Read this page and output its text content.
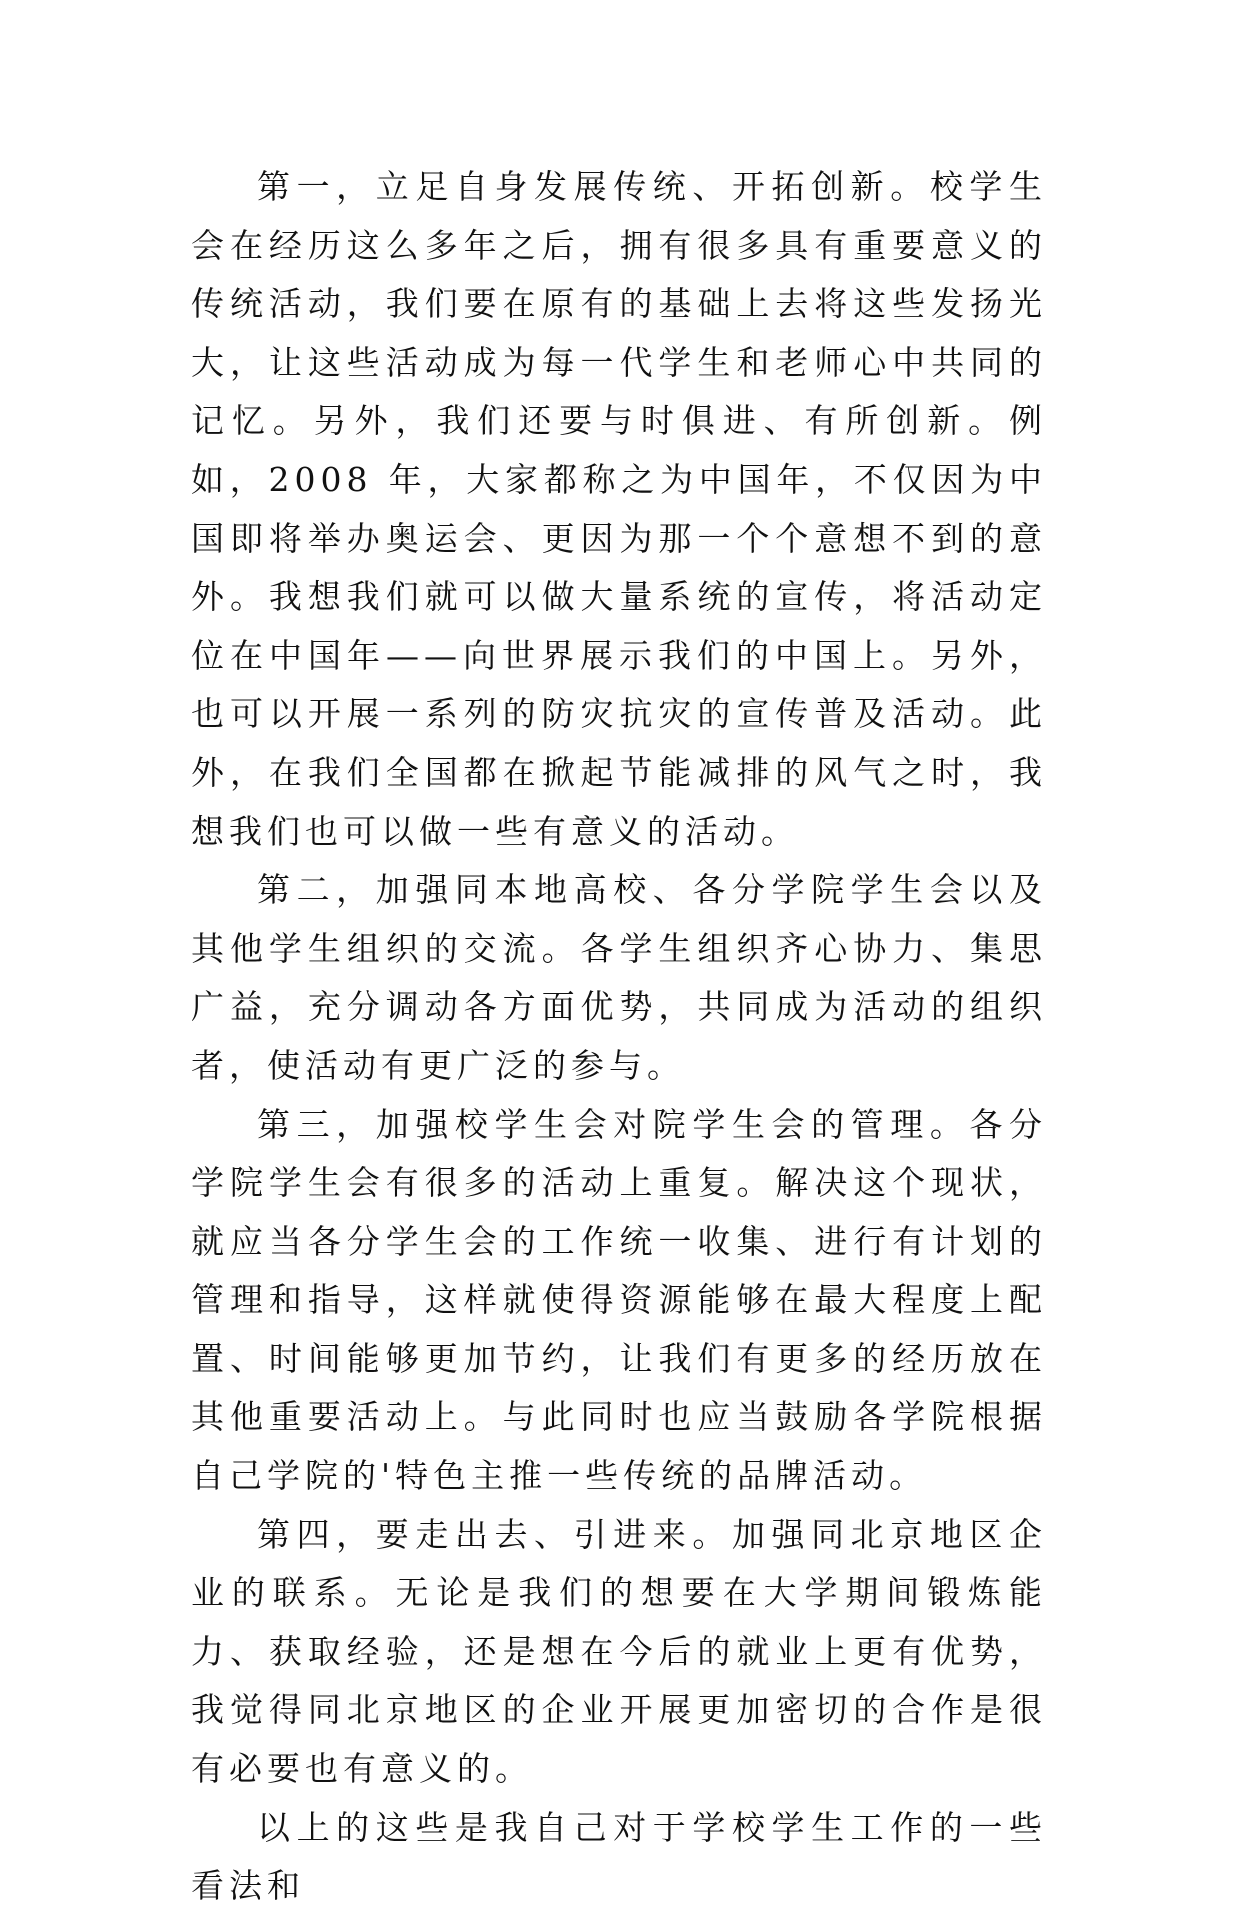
第一，立足自身发展传统、开拓创新。校学生会在经历这么多年之后，拥有很多具有重要意义的传统活动，我们要在原有的基础上去将这些发扬光大，让这些活动成为每一代学生和老师心中共同的记忆。另外，我们还要与时俱进、有所创新。例如，2008 年，大家都称之为中国年，不仅因为中国即将举办奥运会、更因为那一个个意想不到的意外。我想我们就可以做大量系统的宣传，将活动定位在中国年——向世界展示我们的中国上。另外，也可以开展一系列的防灾抗灾的宣传普及活动。此外，在我们全国都在掀起节能减排的风气之时，我想我们也可以做一些有意义的活动。

第二，加强同本地高校、各分学院学生会以及其他学生组织的交流。各学生组织齐心协力、集思广益，充分调动各方面优势，共同成为活动的组织者，使活动有更广泛的参与。

第三，加强校学生会对院学生会的管理。各分学院学生会有很多的活动上重复。解决这个现状，就应当各分学生会的工作统一收集、进行有计划的管理和指导，这样就使得资源能够在最大程度上配置、时间能够更加节约，让我们有更多的经历放在其他重要活动上。与此同时也应当鼓励各学院根据自己学院的'特色主推一些传统的品牌活动。

第四，要走出去、引进来。加强同北京地区企业的联系。无论是我们的想要在大学期间锻炼能力、获取经验，还是想在今后的就业上更有优势，我觉得同北京地区的企业开展更加密切的合作是很有必要也有意义的。

以上的这些是我自己对于学校学生工作的一些看法和
